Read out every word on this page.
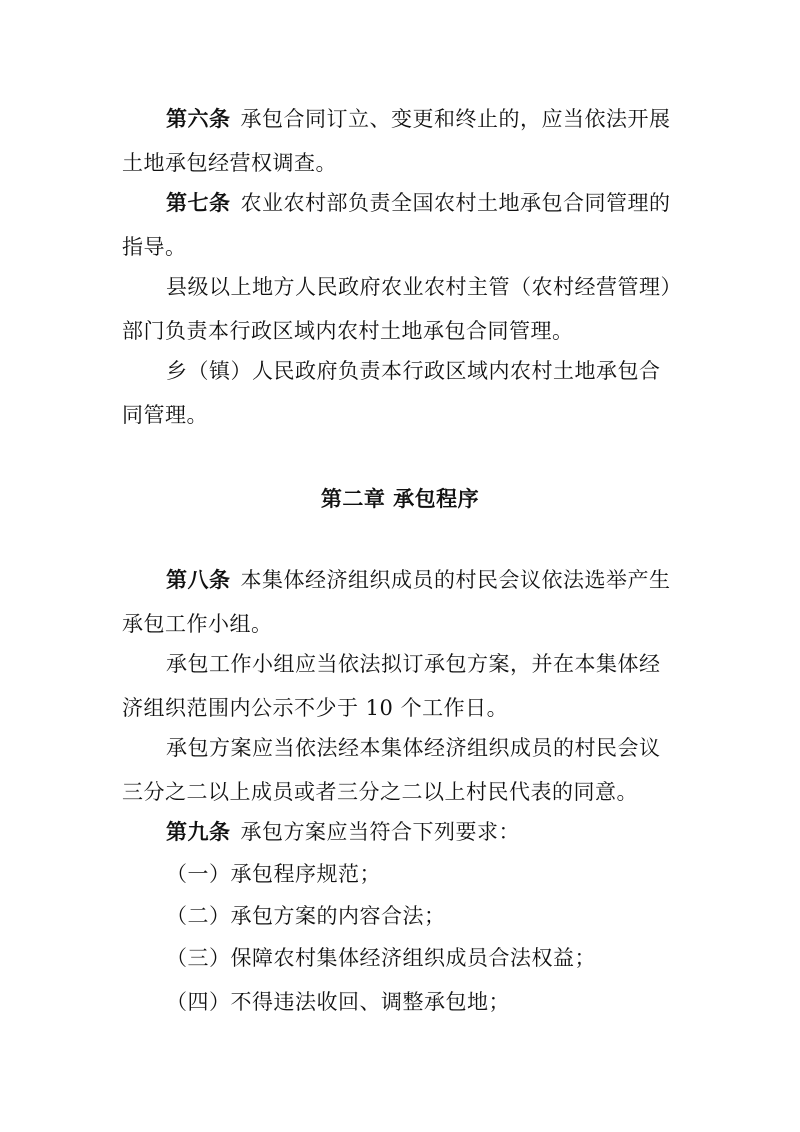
第六条 承包合同订立、变更和终止的，应当依法开展土地承包经营权调查。

第七条 农业农村部负责全国农村土地承包合同管理的指导。

县级以上地方人民政府农业农村主管（农村经营管理）部门负责本行政区域内农村土地承包合同管理。

乡（镇）人民政府负责本行政区域内农村土地承包合同管理。

第二章 承包程序

第八条 本集体经济组织成员的村民会议依法选举产生承包工作小组。

承包工作小组应当依法拟订承包方案，并在本集体经济组织范围内公示不少于 10 个工作日。

承包方案应当依法经本集体经济组织成员的村民会议三分之二以上成员或者三分之二以上村民代表的同意。

第九条 承包方案应当符合下列要求：

（一）承包程序规范；
（二）承包方案的内容合法；
（三）保障农村集体经济组织成员合法权益；
（四）不得违法收回、调整承包地；
